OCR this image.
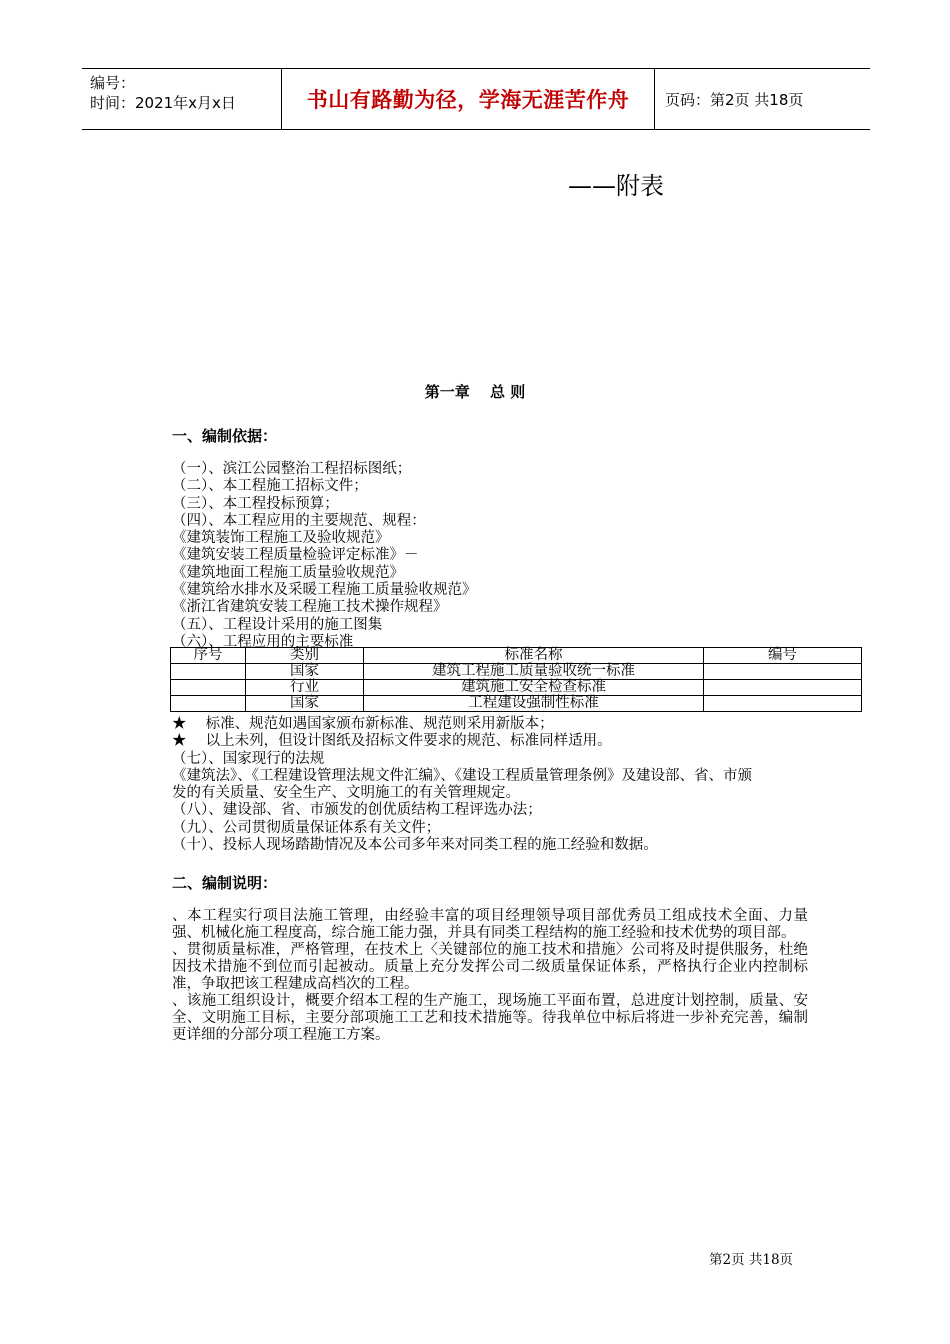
编号：
时间：2021年x月x日	书山有路勤为径，学海无涯苦作舟	页码：第2页 共18页
——附表
第一章　 总 则
一、编制依据：
（一）、滨江公园整治工程招标图纸；
（二）、本工程施工招标文件；
（三）、本工程投标预算；
（四）、本工程应用的主要规范、规程：
《建筑装饰工程施工及验收规范》
《建筑安装工程质量检验评定标准》－
《建筑地面工程施工质量验收规范》
《建筑给水排水及采暖工程施工质量验收规范》
《浙江省建筑安装工程施工技术操作规程》
（五）、工程设计采用的施工图集
（六）、工程应用的主要标准
序号	类别	标准名称	编号
	国家	建筑工程施工质量验收统一标准	
	行业	建筑施工安全检查标准	
	国家	工程建设强制性标准	
★　 标准、规范如遇国家颁布新标准、规范则采用新版本；
★　 以上未列，但设计图纸及招标文件要求的规范、标准同样适用。
（七）、国家现行的法规
《建筑法》、《工程建设管理法规文件汇编》、《建设工程质量管理条例》及建设部、省、市颁
发的有关质量、安全生产、文明施工的有关管理规定。
（八）、建设部、省、市颁发的创优质结构工程评选办法；
（九）、公司贯彻质量保证体系有关文件；
（十）、投标人现场踏勘情况及本公司多年来对同类工程的施工经验和数据。
二、编制说明：

、本工程实行项目法施工管理，由经验丰富的项目经理领导项目部优秀员工组成技术全面、力量强、机械化施工程度高，综合施工能力强，并具有同类工程结构的施工经验和技术优势的项目部。

、贯彻质量标准，严格管理，在技术上〈关键部位的施工技术和措施〉公司将及时提供服务，杜绝因技术措施不到位而引起被动。质量上充分发挥公司二级质量保证体系，严格执行企业内控制标准，争取把该工程建成高档次的工程。

、该施工组织设计，概要介绍本工程的生产施工，现场施工平面布置，总进度计划控制，质量、安全、文明施工目标，主要分部项施工工艺和技术措施等。待我单位中标后将进一步补充完善，编制更详细的分部分项工程施工方案。

第2页 共18页
